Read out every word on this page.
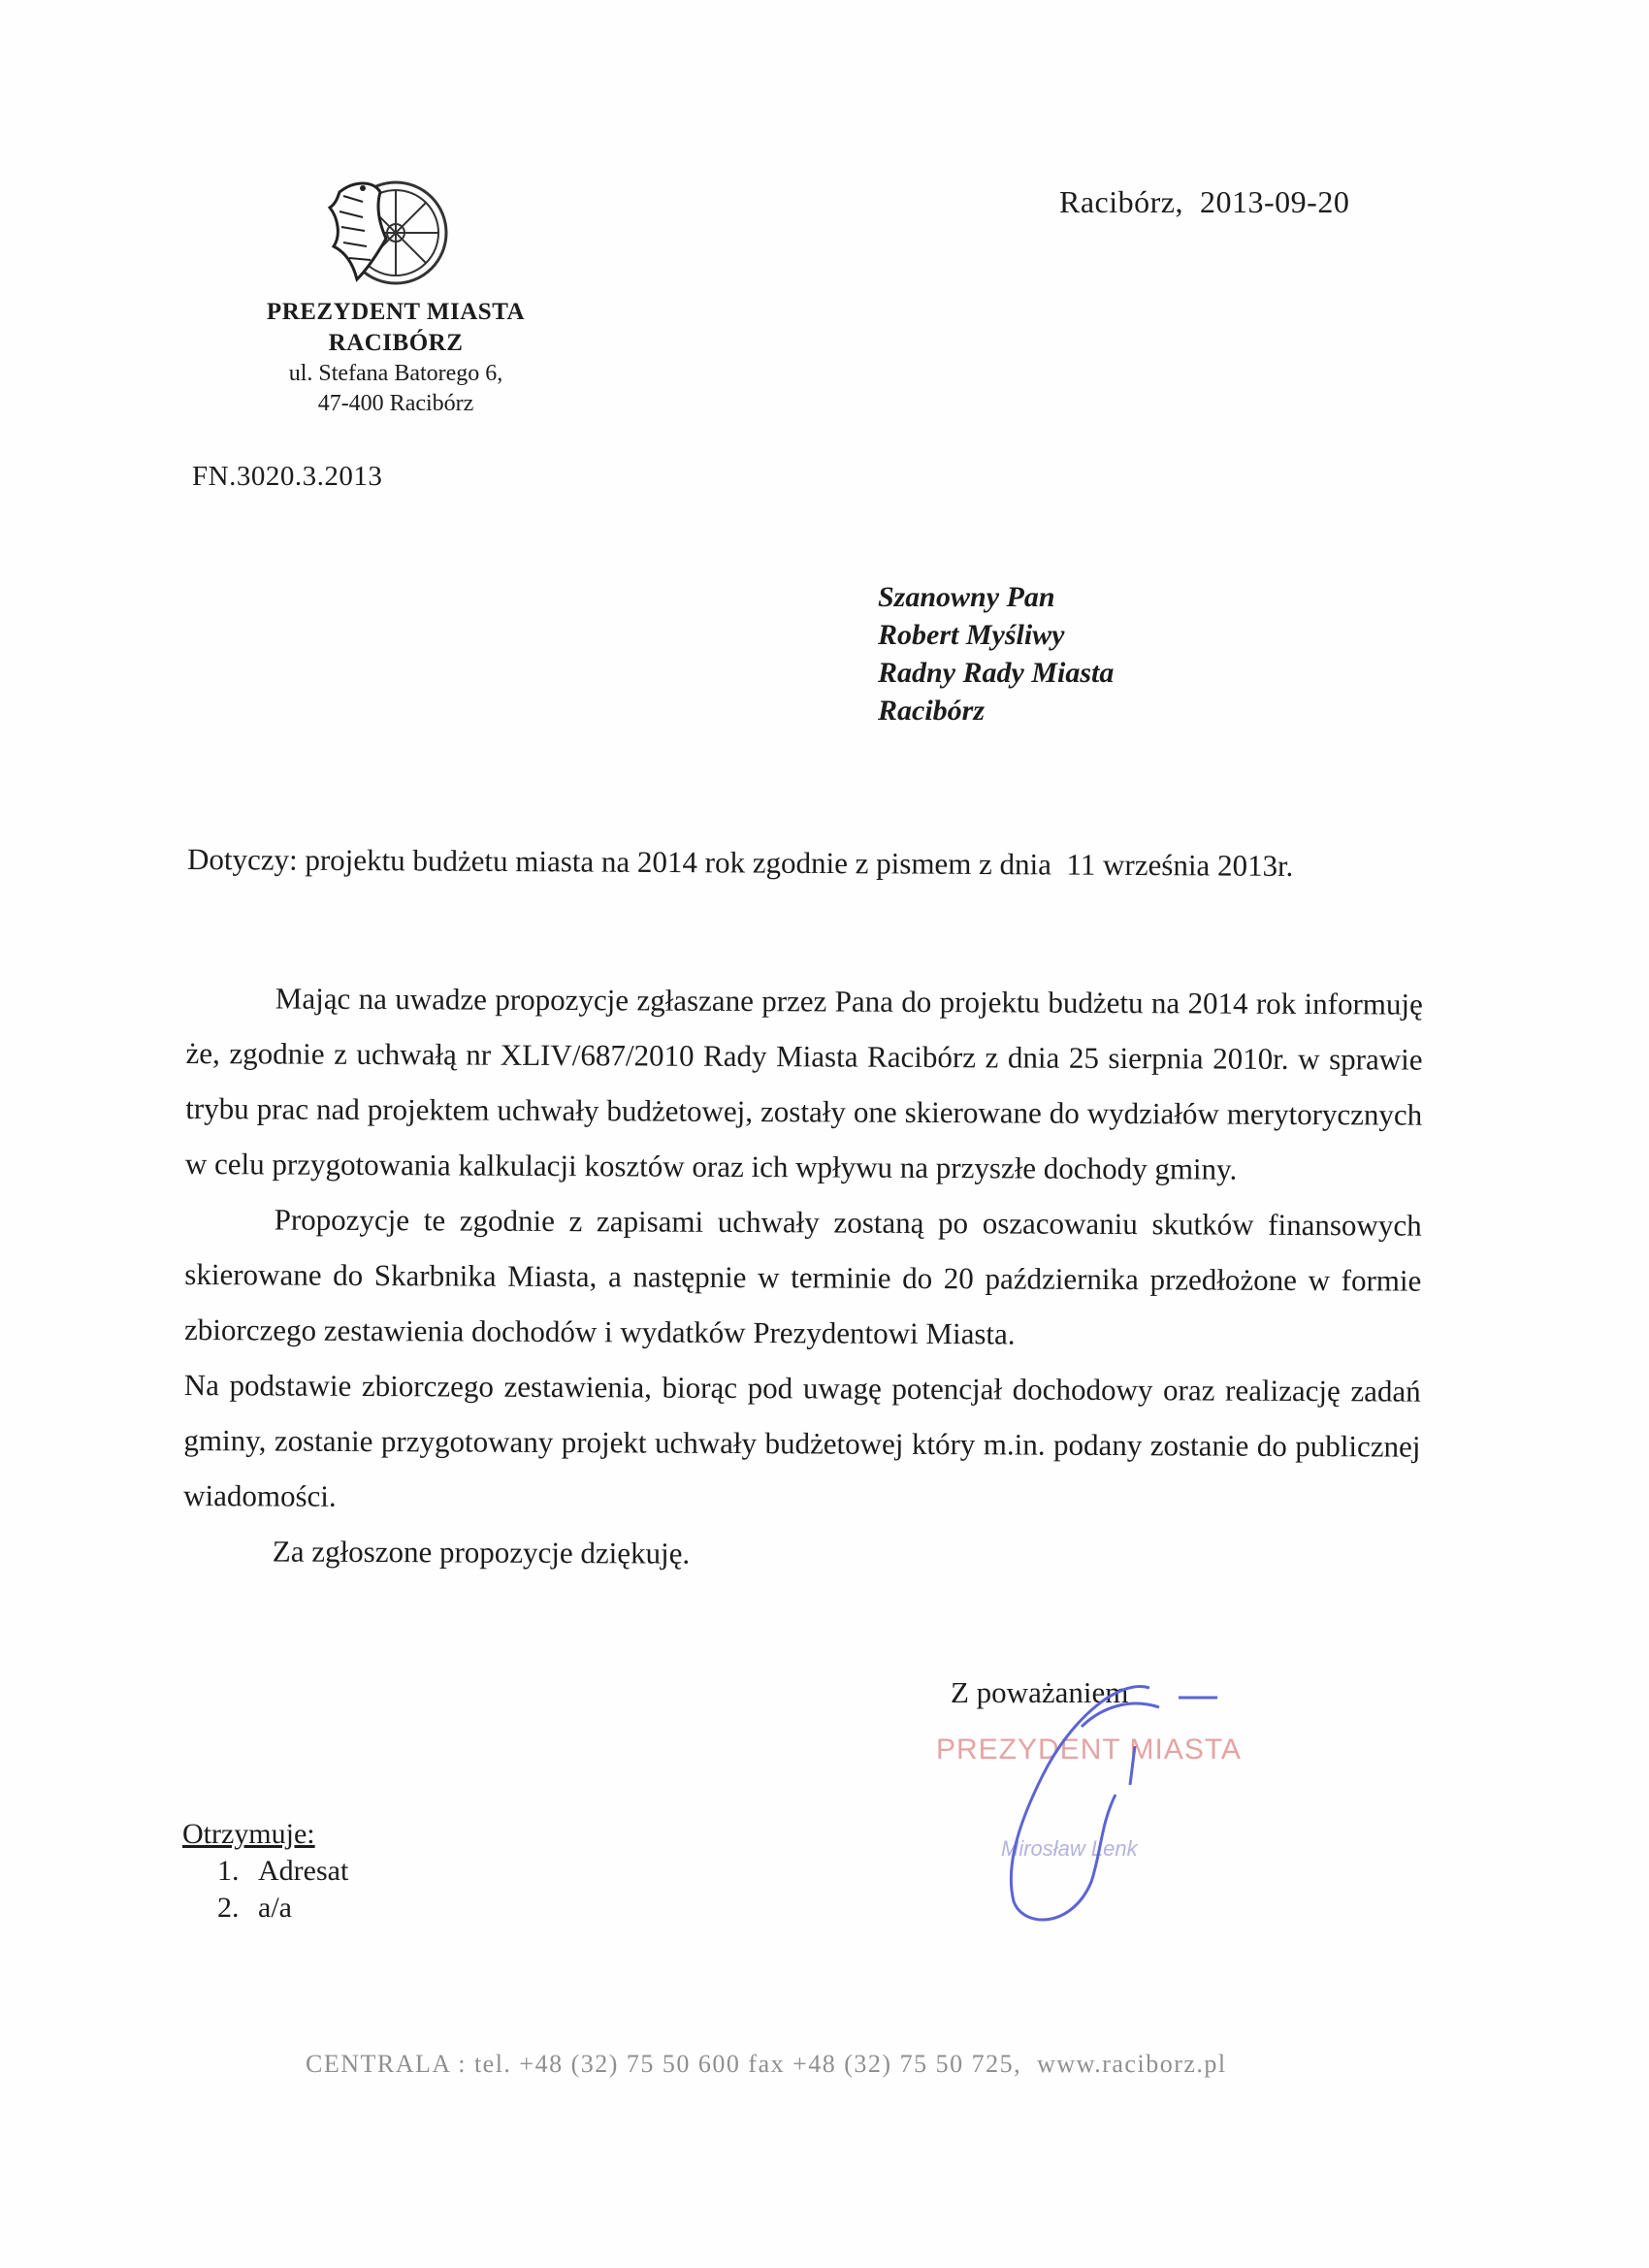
PREZYDENT MIASTA
RACIBÓRZ
ul. Stefana Batorego 6,
47-400 Racibórz
Racibórz,  2013-09-20
FN.3020.3.2013
Szanowny Pan
Robert Myśliwy
Radny Rady Miasta
Racibórz
Dotyczy: projektu budżetu miasta na 2014 rok zgodnie z pismem z dnia  11 września 2013r.

Mając na uwadze propozycje zgłaszane przez Pana do projektu budżetu na 2014 rok informuję że, zgodnie z uchwałą nr XLIV/687/2010 Rady Miasta Racibórz z dnia 25 sierpnia 2010r. w sprawie trybu prac nad projektem uchwały budżetowej, zostały one skierowane do wydziałów merytorycznych w celu przygotowania kalkulacji kosztów oraz ich wpływu na przyszłe dochody gminy.

Propozycje te zgodnie z zapisami uchwały zostaną po oszacowaniu skutków finansowych skierowane do Skarbnika Miasta, a następnie w terminie do 20 października przedłożone w formie zbiorczego zestawienia dochodów i wydatków Prezydentowi Miasta.

Na podstawie zbiorczego zestawienia, biorąc pod uwagę potencjał dochodowy oraz realizację zadań gminy, zostanie przygotowany projekt uchwały budżetowej który m.in. podany zostanie do publicznej wiadomości.

Za zgłoszone propozycje dziękuję.

Z poważaniem
PREZYDENT MIASTA
Mirosław Lenk
Otrzymuje:
1. Adresat
2. a/a
CENTRALA : tel. +48 (32) 75 50 600 fax +48 (32) 75 50 725,  www.raciborz.pl
